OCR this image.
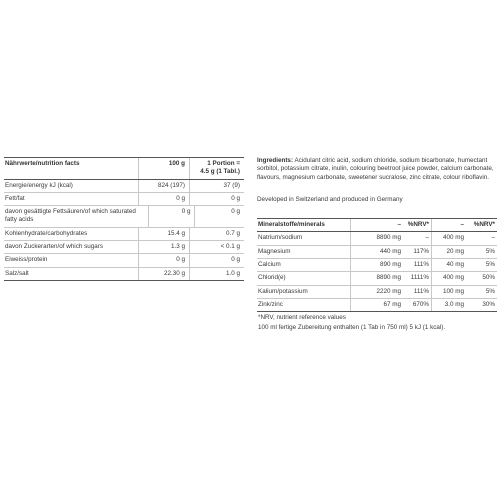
Nährwerte/nutrition facts	100 g	1 Portion =
4.5 g (1 Tabl.)
Energie/energy kJ (kcal)	824 (197)	37 (9)
Fett/fat	0 g	0 g
davon gesättigte Fettsäuren/of which saturated fatty acids
0 g	0 g
Kohlenhydrate/carbohydrates	15.4 g	0.7 g
davon Zuckerarten/of which sugars	1.3 g	< 0.1 g
Eiweiss/protein	0 g	0 g
Salz/salt	22.30 g	1.0 g
Ingredients: Acidulant citric acid, sodium chloride, sodium bicarbonate, humectant sorbitol, potassium citrate, inulin, colouring beetroot juice powder, calcium carbonate, flavours, magnesium carbonate, sweetener sucralose, zinc citrate, colour riboflavin.
Developed in Switzerland and produced in Germany
Mineralstoffe/minerals	–	%NRV*	–	%NRV*
Natrium/sodium	8890 mg	–	400 mg	–
Magnesium	440 mg	117%	20 mg	5%
Calcium	890 mg	111%	40 mg	5%
Chlorid(e)	8890 mg	1111%	400 mg	50%
Kalium/potassium	2220 mg	111%	100 mg	5%
Zink/zinc	67 mg	670%	3.0 mg	30%
*NRV, nutrient reference values
100 ml fertige Zubereitung enthalten (1 Tab in 750 ml) 5 kJ (1 kcal).
